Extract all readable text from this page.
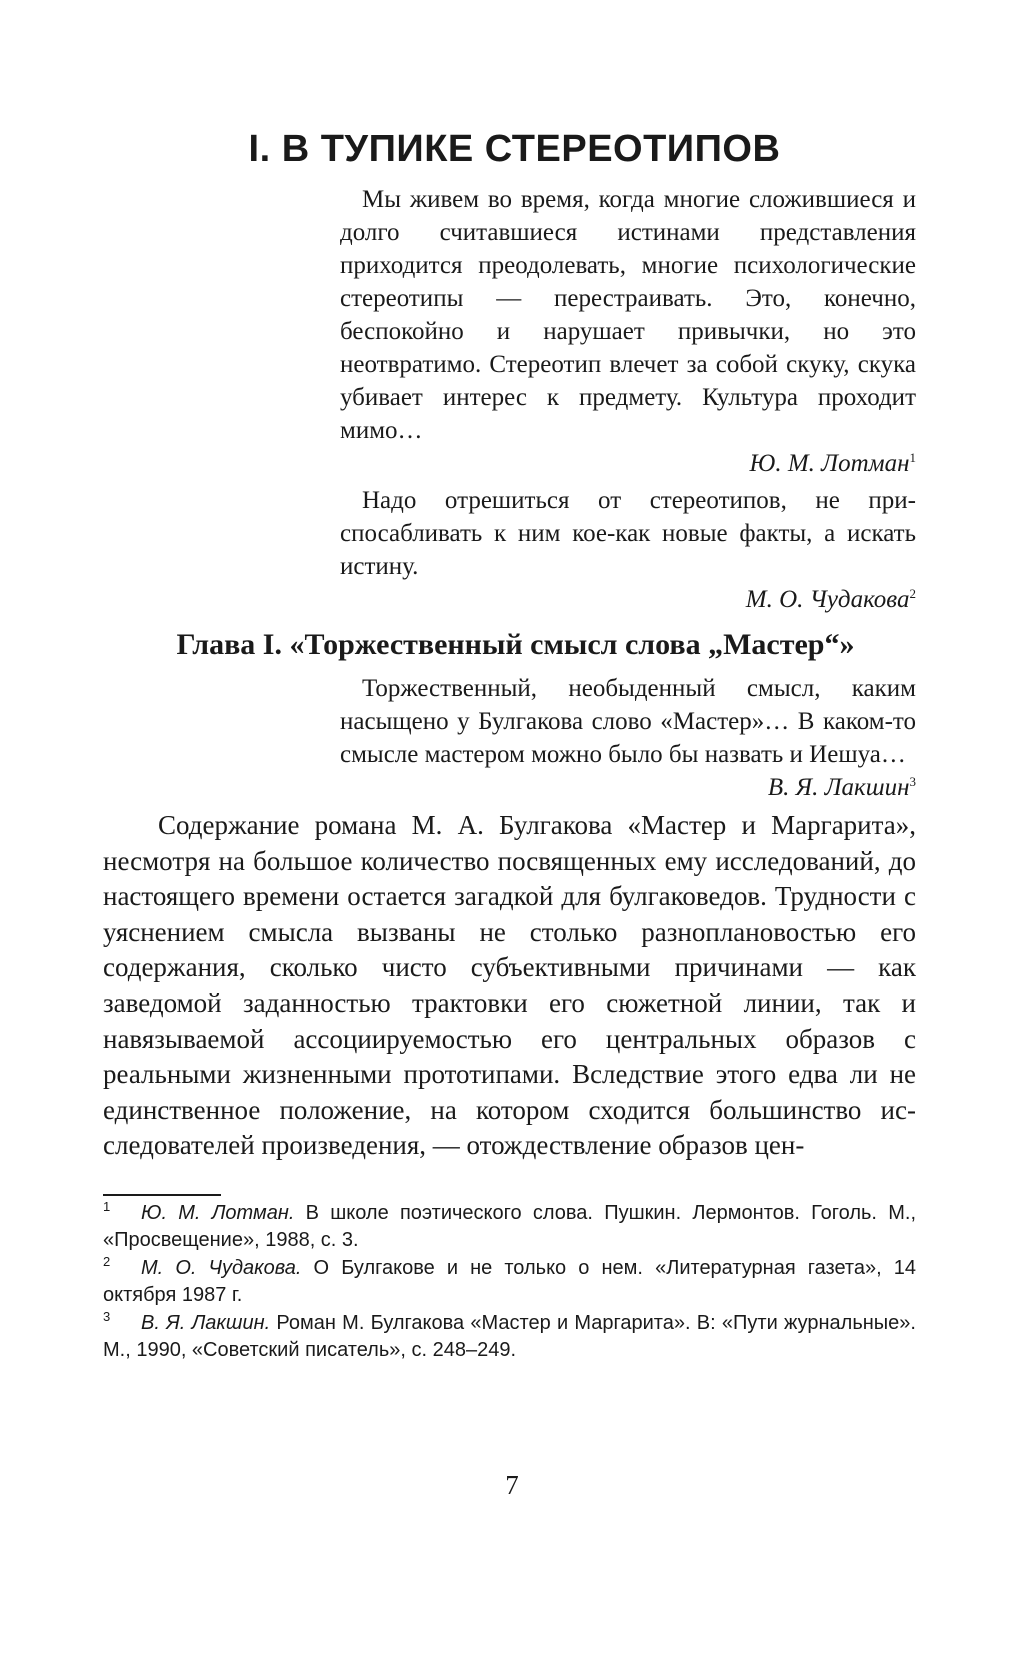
I. В ТУПИКЕ СТЕРЕОТИПОВ

Мы живем во время, когда многие сложившиеся и долго считавшиеся истинами представления приходится преодолевать, многие психологические стереотипы — перестраивать. Это, конечно, беспокойно и нарушает привычки, но это неотвратимо. Стереотип влечет за собой скуку, скука убивает интерес к предмету. Культура проходит мимо…

Ю. М. Лотман$^1$

Надо отрешиться от стереотипов, не приспосабливать к ним кое-как новые факты, а искать истину.

М. О. Чудакова$^2$

Глава I. «Торжественный смысл слова „Мастер“»

Торжественный, необыденный смысл, каким насыщено у Булгакова слово «Мастер»… В каком-то смысле мастером можно было бы назвать и Иешуа…

В. Я. Лакшин$^3$

Содержание романа М. А. Булгакова «Мастер и Маргарита», несмотря на большое количество посвященных ему исследований, до настоящего времени остается загадкой для булгаковедов. Трудности с уяснением смысла вызваны не столько разноплановостью его содержания, сколько чисто субъективными причинами — как заведомой заданностью трактовки его сюжетной линии, так и навязываемой ассоциируемостью его центральных образов с реальными жизненными прототипами. Вследствие этого едва ли не единственное положение, на котором сходится большинство исследователей произведения, — отождествление образов цен-

1 Ю. М. Лотман. В школе поэтического слова. Пушкин. Лермонтов. Гоголь. М., «Просвещение», 1988, с. 3.

2 М. О. Чудакова. О Булгакове и не только о нем. «Литературная газета», 14 октября 1987 г.

3 В. Я. Лакшин. Роман М. Булгакова «Мастер и Маргарита». В: «Пути журнальные». М., 1990, «Советский писатель», с. 248–249.

7
